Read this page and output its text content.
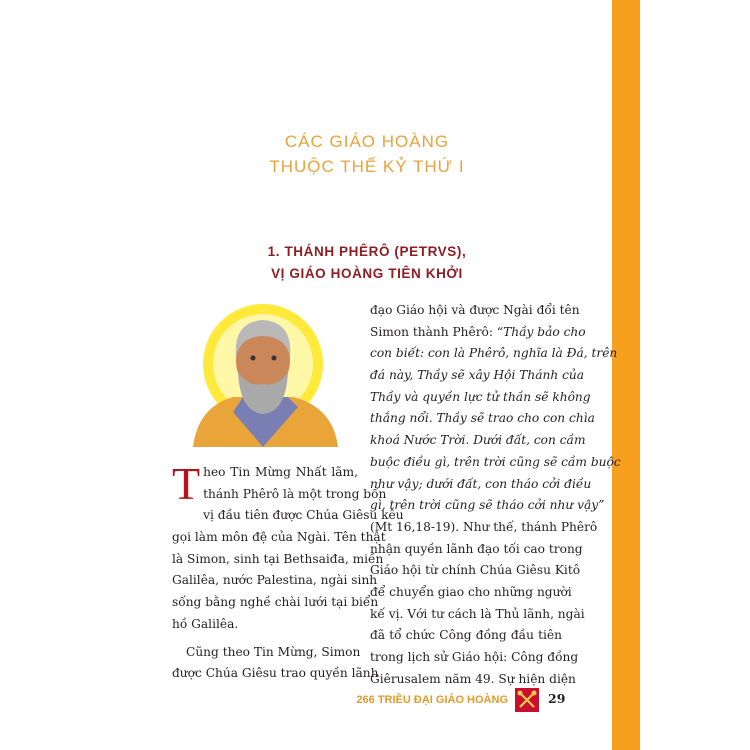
CÁC GIÁO HOÀNG
THUỘC THẾ KỶ THỨ I
1. THÁNH PHÊRÔ (PETRVS),
VỊ GIÁO HOÀNG TIÊN KHỞI
T heo Tin Mừng Nhất lãm,
thánh Phêrô là một trong bốn
vị đầu tiên được Chúa Giêsu kêu
gọi làm môn đệ của Ngài. Tên thật
là Simon, sinh tại Bethsaiđa, miền
Galilêa, nước Palestina, ngài sinh
sống bằng nghề chài lưới tại biển
hồ Galilêa.
Cũng theo Tin Mừng, Simon
được Chúa Giêsu trao quyền lãnh
đạo Giáo hội và được Ngài đổi tên
Simon thành Phêrô: “Thầy bảo cho
con biết: con là Phêrô, nghĩa là Đá, trên
đá này, Thầy sẽ xây Hội Thánh của
Thầy và quyền lực tử thần sẽ không
thắng nổi. Thầy sẽ trao cho con chìa
khoá Nước Trời. Dưới đất, con cầm
buộc điều gì, trên trời cũng sẽ cầm buộc
như vậy; dưới đất, con tháo cởi điều
gì, trên trời cũng sẽ tháo cởi như vậy”
(Mt 16,18-19). Như thế, thánh Phêrô
nhận quyền lãnh đạo tối cao trong
Giáo hội từ chính Chúa Giêsu Kitô
để chuyển giao cho những người
kế vị. Với tư cách là Thủ lãnh, ngài
đã tổ chức Công đồng đầu tiên
trong lịch sử Giáo hội: Công đồng
Giêrusalem năm 49. Sự hiện diện
266 TRIỀU ĐẠI GIÁO HOÀNG	29
